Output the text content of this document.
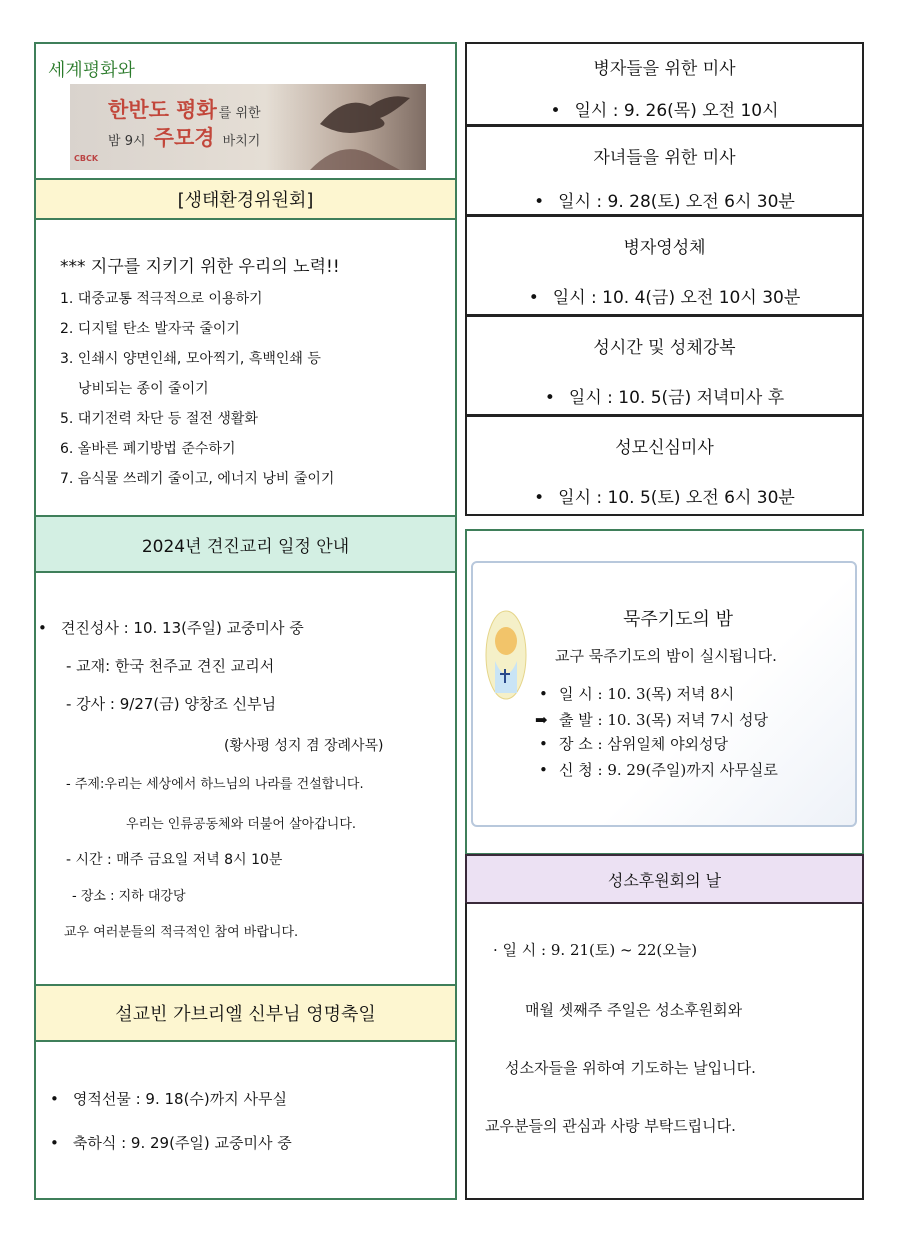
세계평화와
한반도 평화 를 위한
밤 9시 주모경 바치기
CBCK
[생태환경위원회]
*** 지구를 지키기 위한 우리의 노력!!
1. 대중교통 적극적으로 이용하기
2. 디지털 탄소 발자국 줄이기
3. 인쇄시 양면인쇄, 모아찍기, 흑백인쇄 등
낭비되는 종이 줄이기
5. 대기전력 차단 등 절전 생활화
6. 올바른 폐기방법 준수하기
7. 음식물 쓰레기 줄이고, 에너지 낭비 줄이기
2024년 견진교리 일정 안내
• 견진성사 : 10. 13(주일) 교중미사 중
- 교재: 한국 천주교 견진 교리서
- 강사 : 9/27(금) 양창조 신부님
(황사평 성지 겸 장례사목)
- 주제:우리는 세상에서 하느님의 나라를 건설합니다.
우리는 인류공동체와 더불어 살아갑니다.
- 시간 : 매주 금요일 저녁 8시 10분
- 장소 : 지하 대강당
교우 여러분들의 적극적인 참여 바랍니다.
설교빈 가브리엘 신부님 영명축일
• 영적선물 : 9. 18(수)까지 사무실
• 축하식 : 9. 29(주일) 교중미사 중
병자들을 위한 미사
• 일시 : 9. 26(목) 오전 10시
자녀들을 위한 미사
• 일시 : 9. 28(토) 오전 6시 30분
병자영성체
• 일시 : 10. 4(금) 오전 10시 30분
성시간 및 성체강복
• 일시 : 10. 5(금) 저녁미사 후
성모신심미사
• 일시 : 10. 5(토) 오전 6시 30분
묵주기도의 밤
교구 묵주기도의 밤이 실시됩니다.
• 일 시 : 10. 3(목) 저녁 8시
➡ 출 발 : 10. 3(목) 저녁 7시 성당
• 장 소 : 삼위일체 야외성당
• 신 청 : 9. 29(주일)까지 사무실로
성소후원회의 날
· 일 시 : 9. 21(토) ~ 22(오늘)
매월 셋째주 주일은 성소후원회와
성소자들을 위하여 기도하는 날입니다.
교우분들의 관심과 사랑 부탁드립니다.
